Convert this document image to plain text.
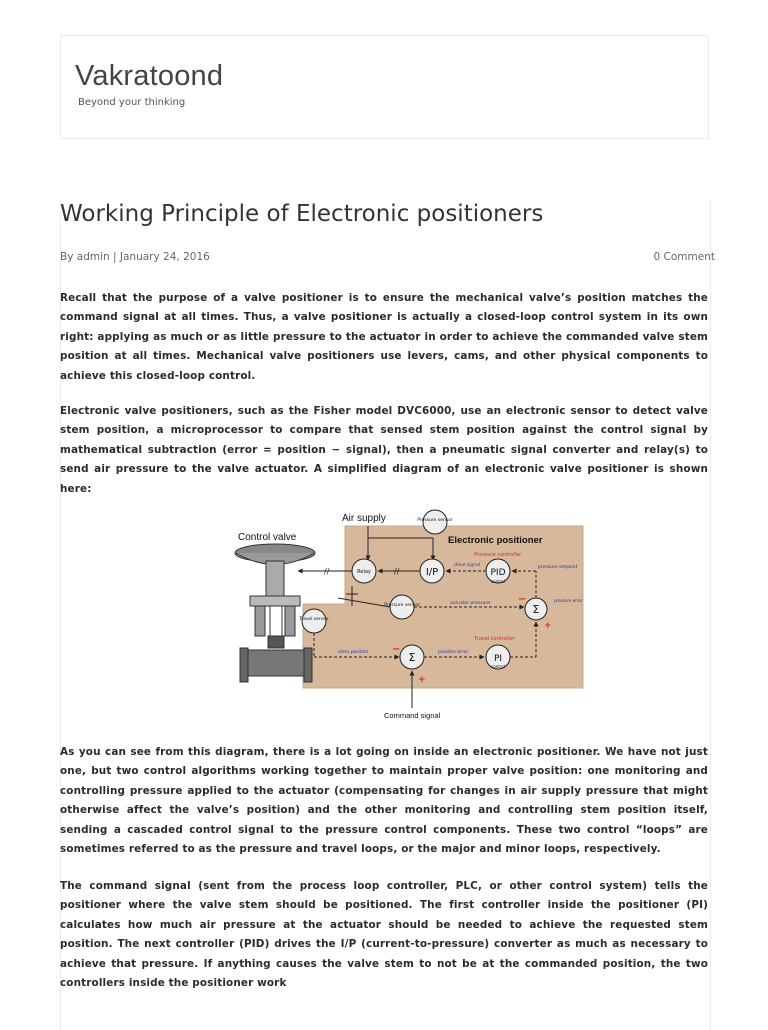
Vakratoond
Beyond your thinking
Working Principle of Electronic positioners
By admin | January 24, 2016	0 Comment

Recall that the purpose of a valve positioner is to ensure the mechanical valve’s position matches the command signal at all times. Thus, a valve positioner is actually a closed-loop control system in its own right: applying as much or as little pressure to the actuator in order to achieve the commanded valve stem position at all times. Mechanical valve positioners use levers, cams, and other physical components to achieve this closed-loop control.

Electronic valve positioners, such as the Fisher model DVC6000, use an electronic sensor to detect valve stem position, a microprocessor to compare that sensed stem position against the control signal by mathematical subtraction (error = position − signal), then a pneumatic signal converter and relay(s) to send air pressure to the valve actuator. A simplified diagram of an electronic valve positioner is shown here:

Control valve
Air supply	Pressure sensor
Electronic positioner
Pressure controller
Relay	I/P	PID
control
//
drive signal	pressure setpoint
//
Pressure sensor	actuator pressure	−
Σ
+
pressure error
Travel sensor
stem position −
Σ	position error
PI
control
Travel controller
+
Command signal

As you can see from this diagram, there is a lot going on inside an electronic positioner. We have not just one, but two control algorithms working together to maintain proper valve position: one monitoring and controlling pressure applied to the actuator (compensating for changes in air supply pressure that might otherwise affect the valve’s position) and the other monitoring and controlling stem position itself, sending a cascaded control signal to the pressure control components. These two control “loops” are sometimes referred to as the pressure and travel loops, or the major and minor loops, respectively.

The command signal (sent from the process loop controller, PLC, or other control system) tells the positioner where the valve stem should be positioned. The first controller inside the positioner (PI) calculates how much air pressure at the actuator should be needed to achieve the requested stem position. The next controller (PID) drives the I/P (current-to-pressure) converter as much as necessary to achieve that pressure. If anything causes the valve stem to not be at the commanded position, the two controllers inside the positioner work
